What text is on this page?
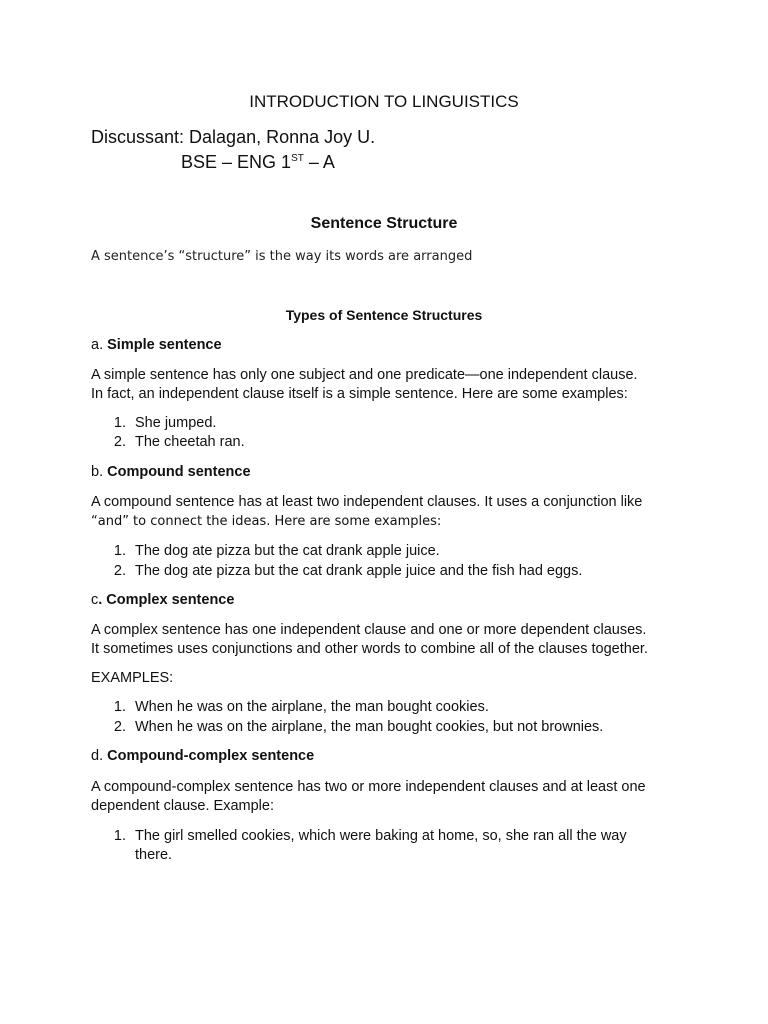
INTRODUCTION TO LINGUISTICS
Discussant: Dalagan, Ronna Joy U.
BSE – ENG 1ST – A
Sentence Structure
A sentence’s “structure” is the way its words are arranged
Types of Sentence Structures
a. Simple sentence
A simple sentence has only one subject and one predicate—one independent clause.
In fact, an independent clause itself is a simple sentence. Here are some examples:
1. She jumped.
2. The cheetah ran.
b. Compound sentence
A compound sentence has at least two independent clauses. It uses a conjunction like
“and” to connect the ideas. Here are some examples:
1. The dog ate pizza but the cat drank apple juice.
2. The dog ate pizza but the cat drank apple juice and the fish had eggs.
c. Complex sentence
A complex sentence has one independent clause and one or more dependent clauses.
It sometimes uses conjunctions and other words to combine all of the clauses together.
EXAMPLES:
1. When he was on the airplane, the man bought cookies.
2. When he was on the airplane, the man bought cookies, but not brownies.
d. Compound-complex sentence
A compound-complex sentence has two or more independent clauses and at least one
dependent clause. Example:
1. The girl smelled cookies, which were baking at home, so, she ran all the way
there.
